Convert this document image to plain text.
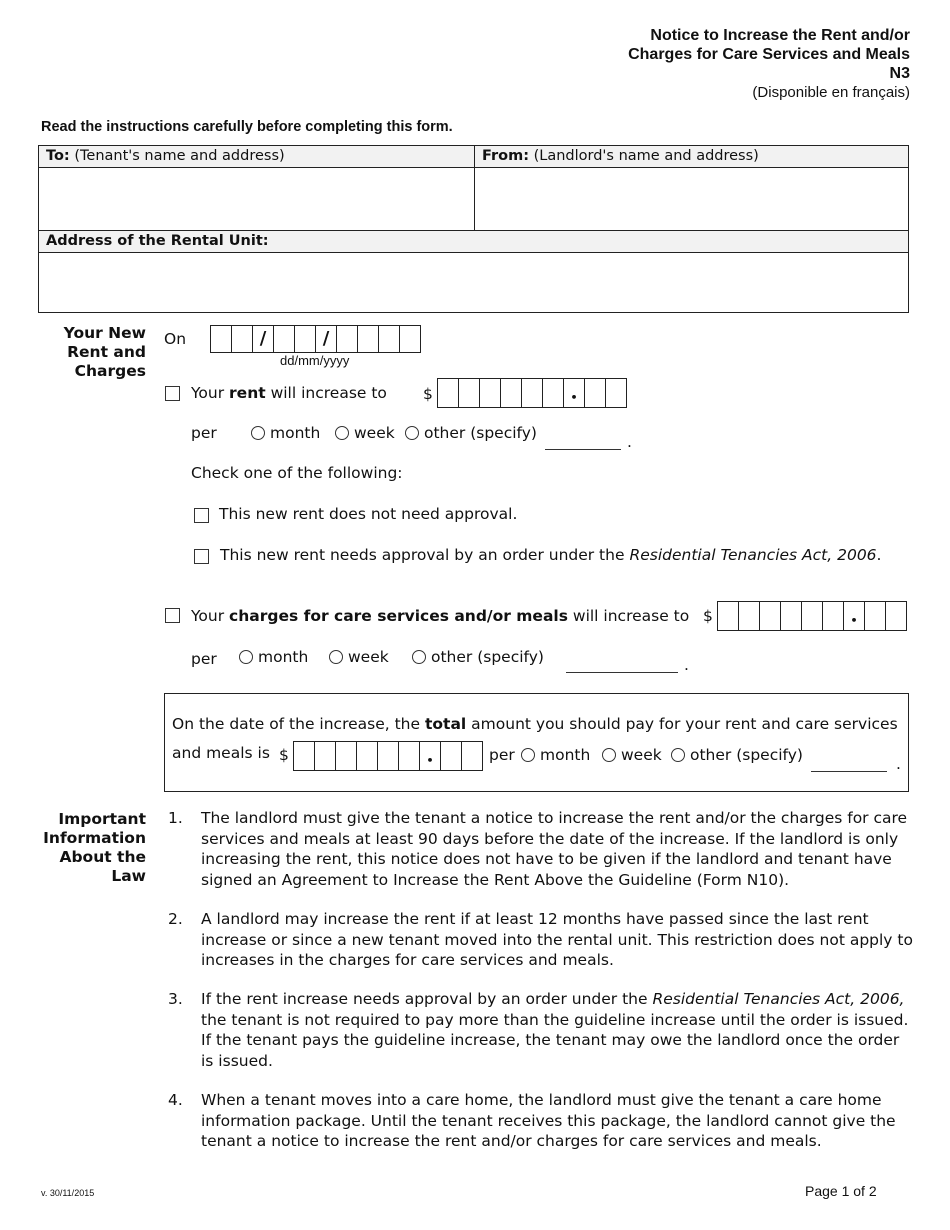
Notice to Increase the Rent and/or
Charges for Care Services and Meals
N3
(Disponible en français)
Read the instructions carefully before completing this form.
To: (Tenant's name and address)	From: (Landlord's name and address)
Address of the Rental Unit:
Your New
Rent and
Charges
On	/	/
dd/mm/yyyy
Your rent will increase to $	•
per	month	week	other (specify)	.
Check one of the following:
This new rent does not need approval.
This new rent needs approval by an order under the Residential Tenancies Act, 2006.
Your charges for care services and/or meals will increase to $	•
per	month	week	other (specify)	.
On the date of the increase, the total amount you should pay for your rent and care services
and meals is $	•	per	month	week	other (specify)	.
Important
Information
About the
Law
1. The landlord must give the tenant a notice to increase the rent and/or the charges for care services and meals at least 90 days before the date of the increase. If the landlord is only increasing the rent, this notice does not have to be given if the landlord and tenant have signed an Agreement to Increase the Rent Above the Guideline (Form N10).
2. A landlord may increase the rent if at least 12 months have passed since the last rent increase or since a new tenant moved into the rental unit. This restriction does not apply to increases in the charges for care services and meals.
3. If the rent increase needs approval by an order under the Residential Tenancies Act, 2006, the tenant is not required to pay more than the guideline increase until the order is issued. If the tenant pays the guideline increase, the tenant may owe the landlord once the order is issued.
4. When a tenant moves into a care home, the landlord must give the tenant a care home information package. Until the tenant receives this package, the landlord cannot give the tenant a notice to increase the rent and/or charges for care services and meals.
v. 30/11/2015	Page 1 of 2
